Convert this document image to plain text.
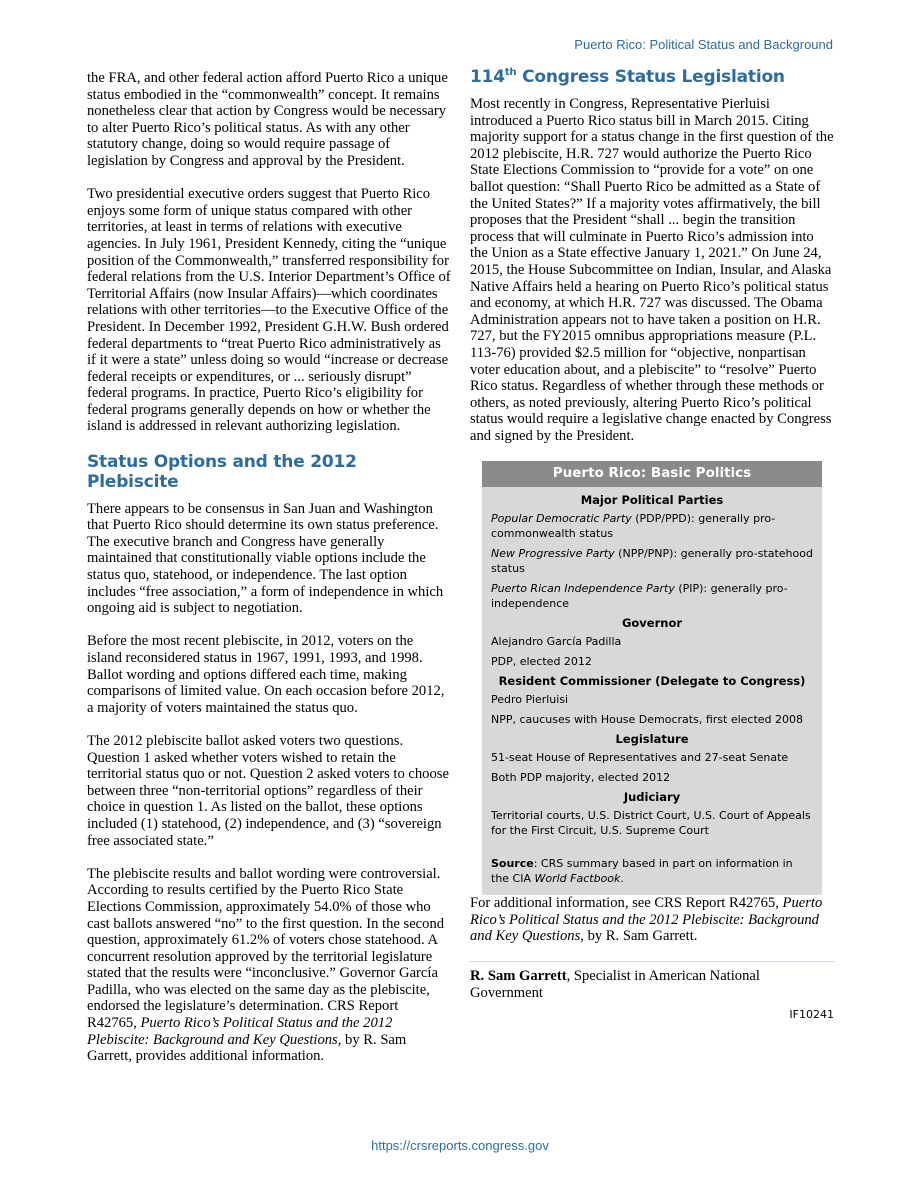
Puerto Rico: Political Status and Background

the FRA, and other federal action afford Puerto Rico a unique status embodied in the “commonwealth” concept. It remains nonetheless clear that action by Congress would be necessary to alter Puerto Rico’s political status. As with any other statutory change, doing so would require passage of legislation by Congress and approval by the President.

Two presidential executive orders suggest that Puerto Rico enjoys some form of unique status compared with other territories, at least in terms of relations with executive agencies. In July 1961, President Kennedy, citing the “unique position of the Commonwealth,” transferred responsibility for federal relations from the U.S. Interior Department’s Office of Territorial Affairs (now Insular Affairs)—which coordinates relations with other territories—to the Executive Office of the President. In December 1992, President G.H.W. Bush ordered federal departments to “treat Puerto Rico administratively as if it were a state” unless doing so would “increase or decrease federal receipts or expenditures, or ... seriously disrupt” federal programs. In practice, Puerto Rico’s eligibility for federal programs generally depends on how or whether the island is addressed in relevant authorizing legislation.

Status Options and the 2012 Plebiscite

There appears to be consensus in San Juan and Washington that Puerto Rico should determine its own status preference. The executive branch and Congress have generally maintained that constitutionally viable options include the status quo, statehood, or independence. The last option includes “free association,” a form of independence in which ongoing aid is subject to negotiation.

Before the most recent plebiscite, in 2012, voters on the island reconsidered status in 1967, 1991, 1993, and 1998. Ballot wording and options differed each time, making comparisons of limited value. On each occasion before 2012, a majority of voters maintained the status quo.

The 2012 plebiscite ballot asked voters two questions. Question 1 asked whether voters wished to retain the territorial status quo or not. Question 2 asked voters to choose between three “non-territorial options” regardless of their choice in question 1. As listed on the ballot, these options included (1) statehood, (2) independence, and (3) “sovereign free associated state.”

The plebiscite results and ballot wording were controversial. According to results certified by the Puerto Rico State Elections Commission, approximately 54.0% of those who cast ballots answered “no” to the first question. In the second question, approximately 61.2% of voters chose statehood. A concurrent resolution approved by the territorial legislature stated that the results were “inconclusive.” Governor García Padilla, who was elected on the same day as the plebiscite, endorsed the legislature’s determination. CRS Report R42765, Puerto Rico’s Political Status and the 2012 Plebiscite: Background and Key Questions, by R. Sam Garrett, provides additional information.

114th Congress Status Legislation

Most recently in Congress, Representative Pierluisi introduced a Puerto Rico status bill in March 2015. Citing majority support for a status change in the first question of the 2012 plebiscite, H.R. 727 would authorize the Puerto Rico State Elections Commission to “provide for a vote” on one ballot question: “Shall Puerto Rico be admitted as a State of the United States?” If a majority votes affirmatively, the bill proposes that the President “shall ... begin the transition process that will culminate in Puerto Rico’s admission into the Union as a State effective January 1, 2021.” On June 24, 2015, the House Subcommittee on Indian, Insular, and Alaska Native Affairs held a hearing on Puerto Rico’s political status and economy, at which H.R. 727 was discussed. The Obama Administration appears not to have taken a position on H.R. 727, but the FY2015 omnibus appropriations measure (P.L. 113-76) provided $2.5 million for “objective, nonpartisan voter education about, and a plebiscite” to “resolve” Puerto Rico status. Regardless of whether through these methods or others, as noted previously, altering Puerto Rico’s political status would require a legislative change enacted by Congress and signed by the President.

Puerto Rico: Basic Politics
Major Political Parties
Popular Democratic Party (PDP/PPD): generally pro-commonwealth status
New Progressive Party (NPP/PNP): generally pro-statehood status
Puerto Rican Independence Party (PIP): generally pro-independence
Governor
Alejandro García Padilla
PDP, elected 2012
Resident Commissioner (Delegate to Congress)
Pedro Pierluisi
NPP, caucuses with House Democrats, first elected 2008
Legislature
51-seat House of Representatives and 27-seat Senate
Both PDP majority, elected 2012
Judiciary
Territorial courts, U.S. District Court, U.S. Court of Appeals for the First Circuit, U.S. Supreme Court
Source: CRS summary based in part on information in the CIA World Factbook.

For additional information, see CRS Report R42765, Puerto Rico’s Political Status and the 2012 Plebiscite: Background and Key Questions, by R. Sam Garrett.

R. Sam Garrett, Specialist in American National Government

IF10241
https://crsreports.congress.gov
